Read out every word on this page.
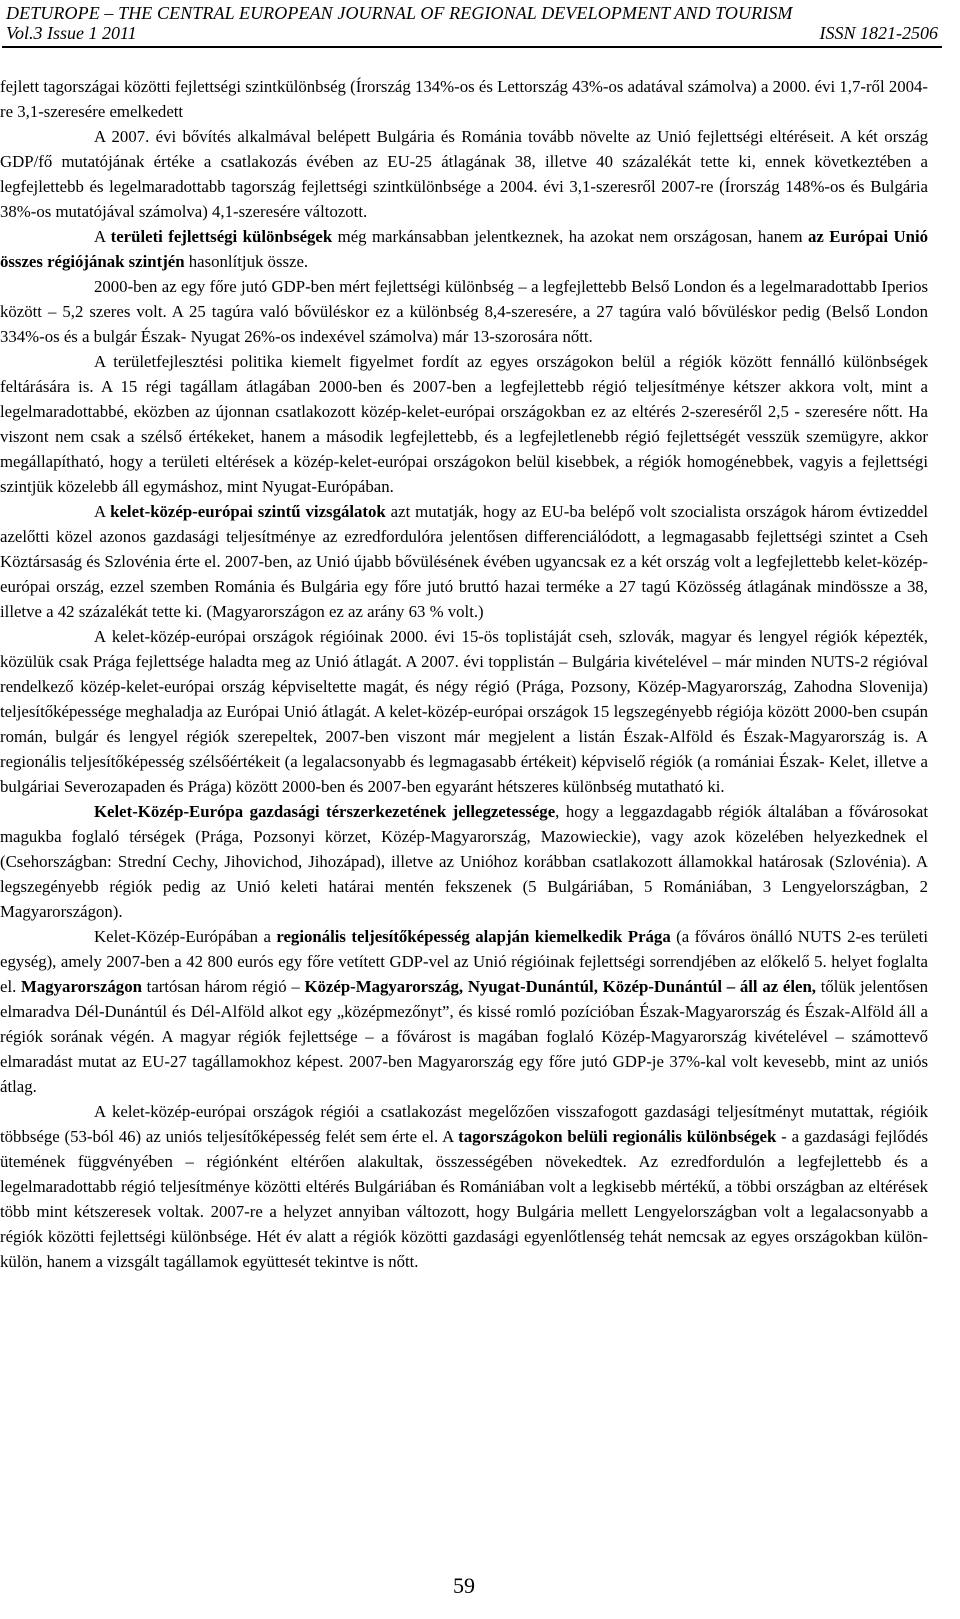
DETUROPE – THE CENTRAL EUROPEAN JOURNAL OF REGIONAL DEVELOPMENT AND TOURISM
Vol.3 Issue 1 2011	ISSN 1821-2506

fejlett tagországai közötti fejlettségi szintkülönbség (Írország 134%-os és Lettország 43%-os adatával számolva) a 2000. évi 1,7-ről 2004-re 3,1-szeresére emelkedett

A 2007. évi bővítés alkalmával belépett Bulgária és Románia tovább növelte az Unió fejlettségi eltéréseit. A két ország GDP/fő mutatójának értéke a csatlakozás évében az EU-25 átlagának 38, illetve 40 százalékát tette ki, ennek következtében a legfejlettebb és legelmaradottabb tagország fejlettségi szintkülönbsége a 2004. évi 3,1-szeresről 2007-re (Írország 148%-os és Bulgária 38%-os mutatójával számolva) 4,1-szeresére változott.

A területi fejlettségi különbségek még markánsabban jelentkeznek, ha azokat nem országosan, hanem az Európai Unió összes régiójának szintjén hasonlítjuk össze.

2000-ben az egy főre jutó GDP-ben mért fejlettségi különbség – a legfejlettebb Belső London és a legelmaradottabb Iperios között – 5,2 szeres volt. A 25 tagúra való bővüléskor ez a különbség 8,4-szeresére, a 27 tagúra való bővüléskor pedig (Belső London 334%-os és a bulgár Észak- Nyugat 26%-os indexével számolva) már 13-szorosára nőtt.

A területfejlesztési politika kiemelt figyelmet fordít az egyes országokon belül a régiók között fennálló különbségek feltárására is. A 15 régi tagállam átlagában 2000-ben és 2007-ben a legfejlettebb régió teljesítménye kétszer akkora volt, mint a legelmaradottabbé, eközben az újonnan csatlakozott közép-kelet-európai országokban ez az eltérés 2-szereséről 2,5 - szeresére nőtt. Ha viszont nem csak a szélső értékeket, hanem a második legfejlettebb, és a legfejletlenebb régió fejlettségét vesszük szemügyre, akkor megállapítható, hogy a területi eltérések a közép-kelet-európai országokon belül kisebbek, a régiók homogénebbek, vagyis a fejlettségi szintjük közelebb áll egymáshoz, mint Nyugat-Európában.

A kelet-közép-európai szintű vizsgálatok azt mutatják, hogy az EU-ba belépő volt szocialista országok három évtizeddel azelőtti közel azonos gazdasági teljesítménye az ezredfordulóra jelentősen differenciálódott, a legmagasabb fejlettségi szintet a Cseh Köztársaság és Szlovénia érte el. 2007-ben, az Unió újabb bővülésének évében ugyancsak ez a két ország volt a legfejlettebb kelet-közép-európai ország, ezzel szemben Románia és Bulgária egy főre jutó bruttó hazai terméke a 27 tagú Közösség átlagának mindössze a 38, illetve a 42 százalékát tette ki. (Magyarországon ez az arány 63 % volt.)

A kelet-közép-európai országok régióinak 2000. évi 15-ös toplistáját cseh, szlovák, magyar és lengyel régiók képezték, közülük csak Prága fejlettsége haladta meg az Unió átlagát. A 2007. évi topplistán – Bulgária kivételével – már minden NUTS-2 régióval rendelkező közép-kelet-európai ország képviseltette magát, és négy régió (Prága, Pozsony, Közép-Magyarország, Zahodna Slovenija) teljesítőképessége meghaladja az Európai Unió átlagát. A kelet-közép-európai országok 15 legszegényebb régiója között 2000-ben csupán román, bulgár és lengyel régiók szerepeltek, 2007-ben viszont már megjelent a listán Észak-Alföld és Észak-Magyarország is. A regionális teljesítőképesség szélsőértékeit (a legalacsonyabb és legmagasabb értékeit) képviselő régiók (a romániai Észak- Kelet, illetve a bulgáriai Severozapaden és Prága) között 2000-ben és 2007-ben egyaránt hétszeres különbség mutatható ki.

Kelet-Közép-Európa gazdasági térszerkezetének jellegzetessége, hogy a leggazdagabb régiók általában a fővárosokat magukba foglaló térségek (Prága, Pozsonyi körzet, Közép-Magyarország, Mazowieckie), vagy azok közelében helyezkednek el (Csehországban: Strední Cechy, Jihovichod, Jihozápad), illetve az Unióhoz korábban csatlakozott államokkal határosak (Szlovénia). A legszegényebb régiók pedig az Unió keleti határai mentén fekszenek (5 Bulgáriában, 5 Romániában, 3 Lengyelországban, 2 Magyarországon).

Kelet-Közép-Európában a regionális teljesítőképesség alapján kiemelkedik Prága (a főváros önálló NUTS 2-es területi egység), amely 2007-ben a 42 800 eurós egy főre vetített GDP-vel az Unió régióinak fejlettségi sorrendjében az előkelő 5. helyet foglalta el. Magyarországon tartósan három régió – Közép-Magyarország, Nyugat-Dunántúl, Közép-Dunántúl – áll az élen, tőlük jelentősen elmaradva Dél-Dunántúl és Dél-Alföld alkot egy „középmezőnyt”, és kissé romló pozícióban Észak-Magyarország és Észak-Alföld áll a régiók sorának végén. A magyar régiók fejlettsége – a fővárost is magában foglaló Közép-Magyarország kivételével – számottevő elmaradást mutat az EU-27 tagállamokhoz képest. 2007-ben Magyarország egy főre jutó GDP-je 37%-kal volt kevesebb, mint az uniós átlag.

A kelet-közép-európai országok régiói a csatlakozást megelőzően visszafogott gazdasági teljesítményt mutattak, régióik többsége (53-ból 46) az uniós teljesítőképesség felét sem érte el. A tagországokon belüli regionális különbségek - a gazdasági fejlődés ütemének függvényében – régiónként eltérően alakultak, összességében növekedtek. Az ezredfordulón a legfejlettebb és a legelmaradottabb régió teljesítménye közötti eltérés Bulgáriában és Romániában volt a legkisebb mértékű, a többi országban az eltérések több mint kétszeresek voltak. 2007-re a helyzet annyiban változott, hogy Bulgária mellett Lengyelországban volt a legalacsonyabb a régiók közötti fejlettségi különbsége. Hét év alatt a régiók közötti gazdasági egyenlőtlenség tehát nemcsak az egyes országokban külön-külön, hanem a vizsgált tagállamok együttesét tekintve is nőtt.

59
